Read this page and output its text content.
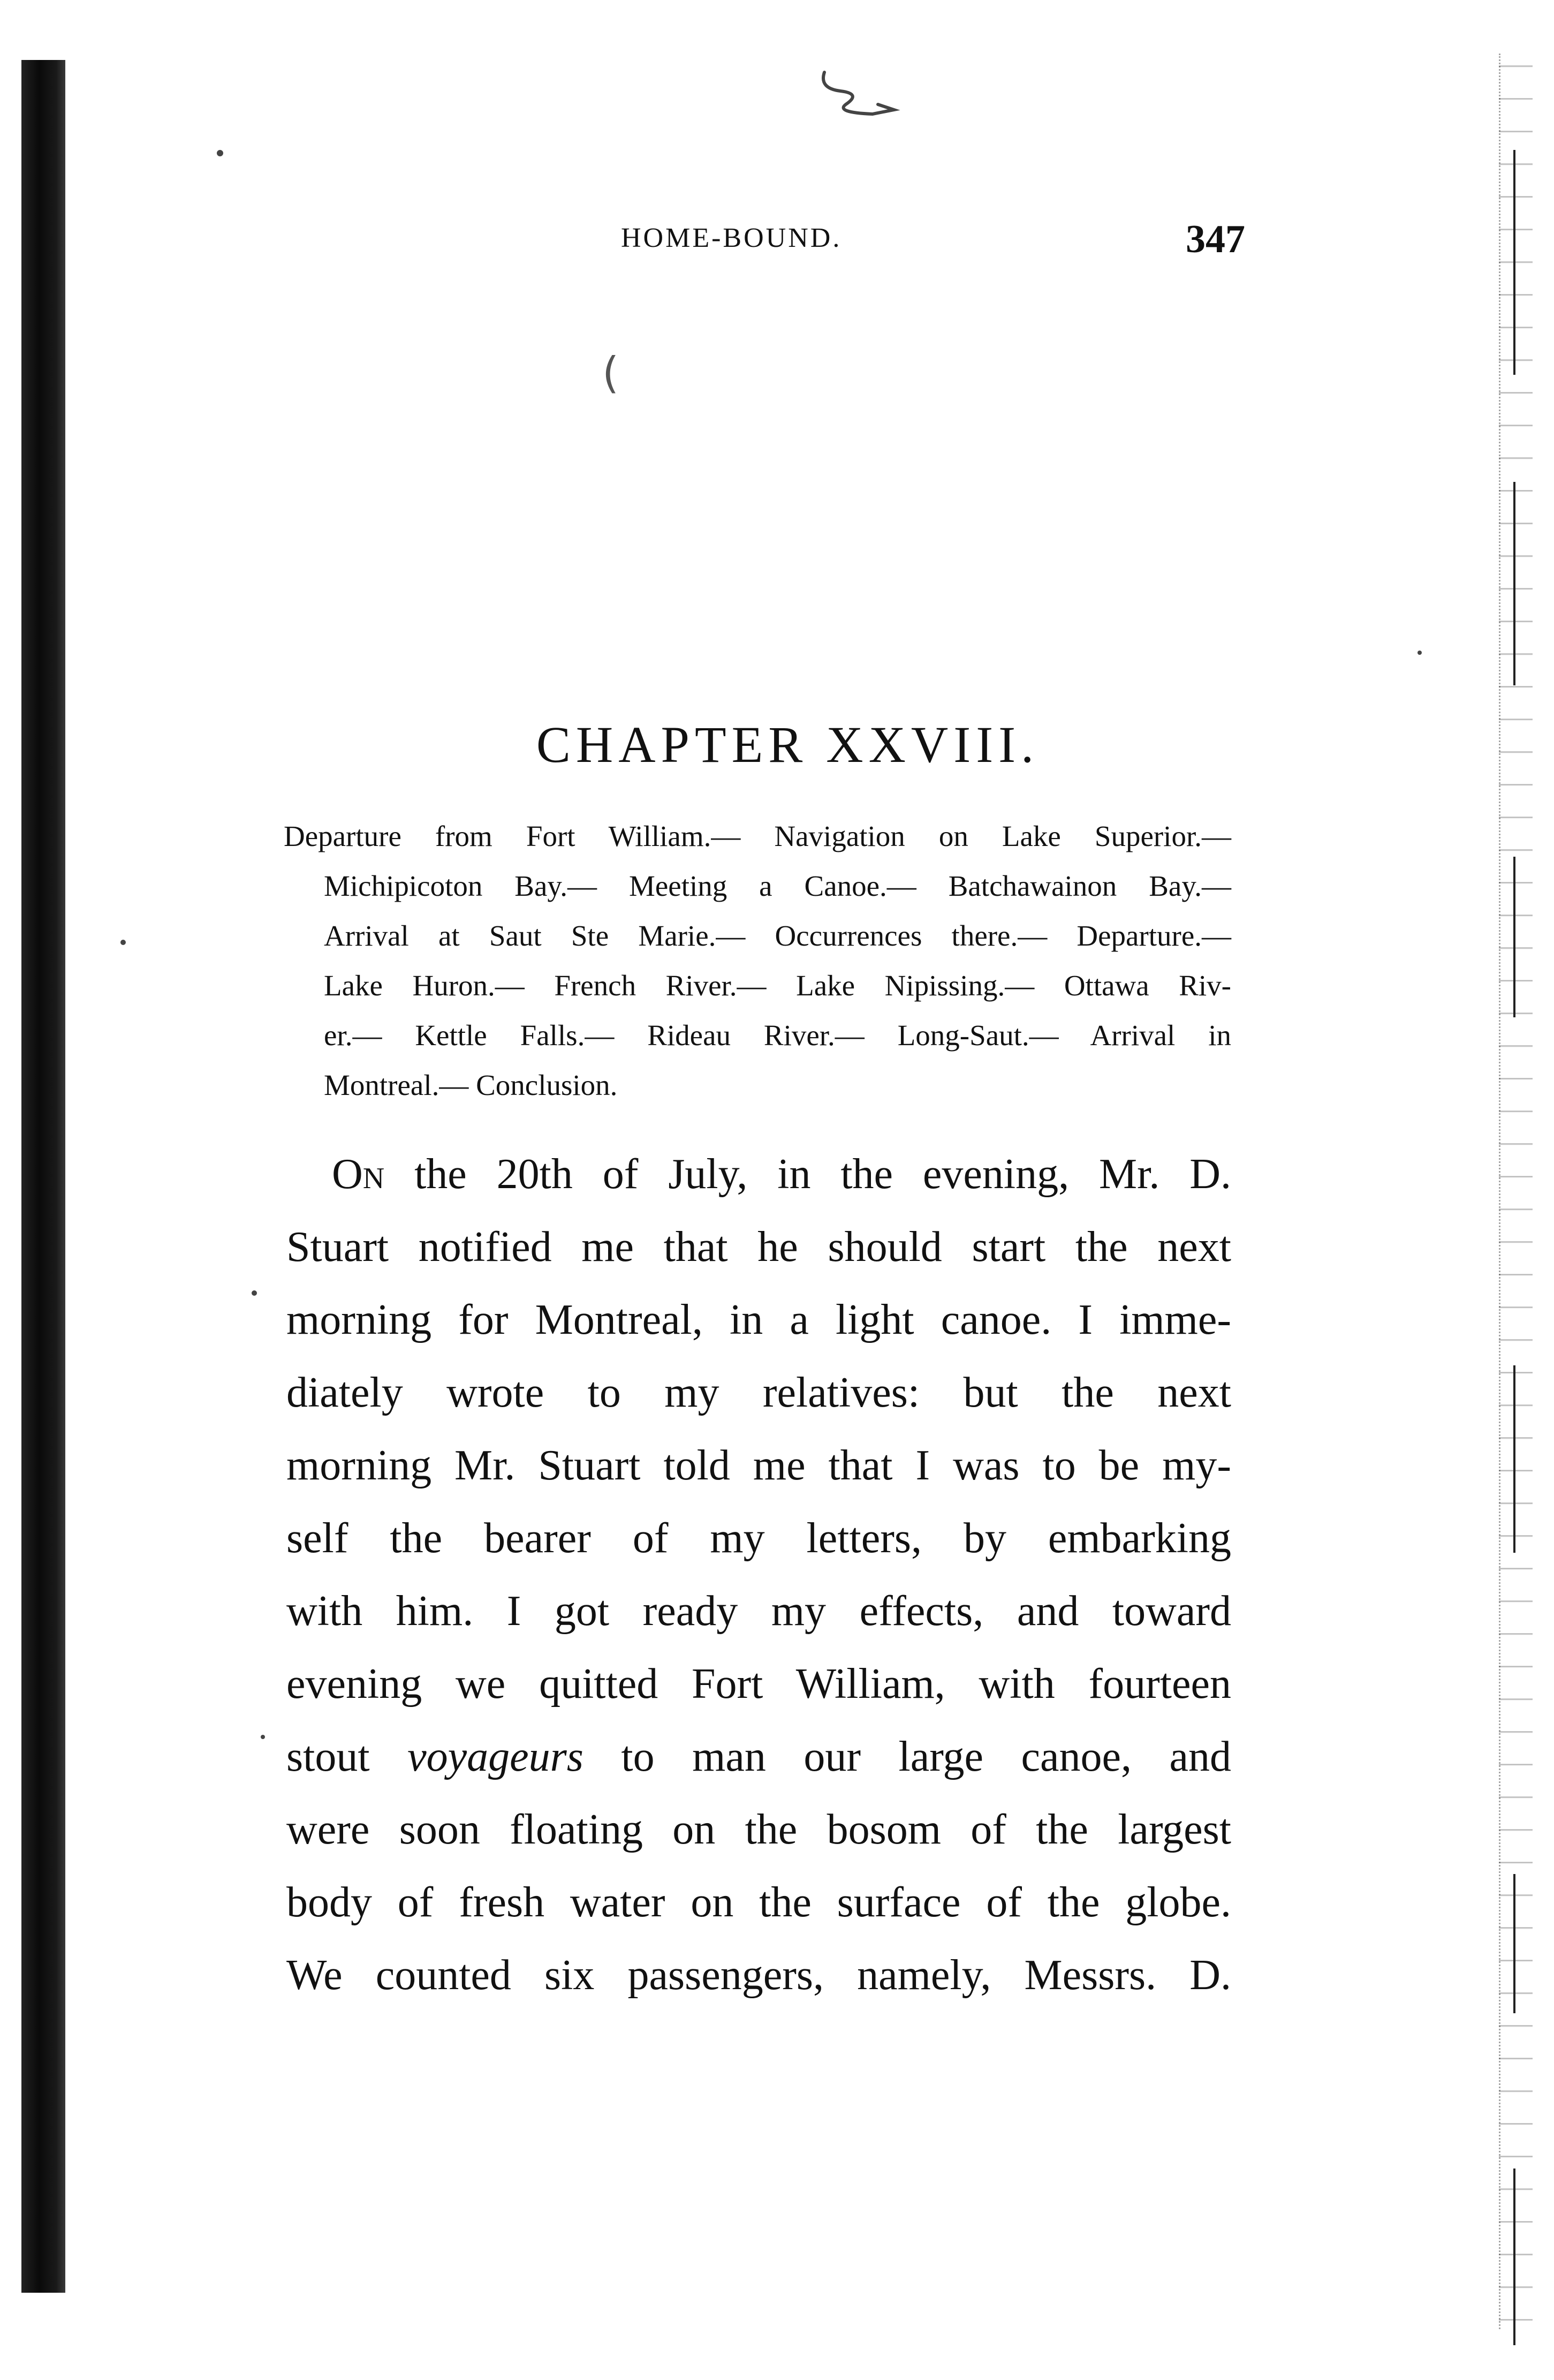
(
HOME-BOUND.	347
CHAPTER XXVIII.
Departure from Fort William.— Navigation on Lake Superior.—
Michipicoton Bay.— Meeting a Canoe.— Batchawainon Bay.—
Arrival at Saut Ste Marie.— Occurrences there.— Departure.—
Lake Huron.— French River.— Lake Nipissing.— Ottawa Riv-
er.— Kettle Falls.— Rideau River.— Long-Saut.— Arrival in
Montreal.— Conclusion.
On the 20th of July, in the evening, Mr. D.
Stuart notified me that he should start the next
morning for Montreal, in a light canoe. I imme-
diately wrote to my relatives: but the next
morning Mr. Stuart told me that I was to be my-
self the bearer of my letters, by embarking
with him. I got ready my effects, and toward
evening we quitted Fort William, with fourteen
stout voyageurs to man our large canoe, and
were soon floating on the bosom of the largest
body of fresh water on the surface of the globe.
We counted six passengers, namely, Messrs. D.
